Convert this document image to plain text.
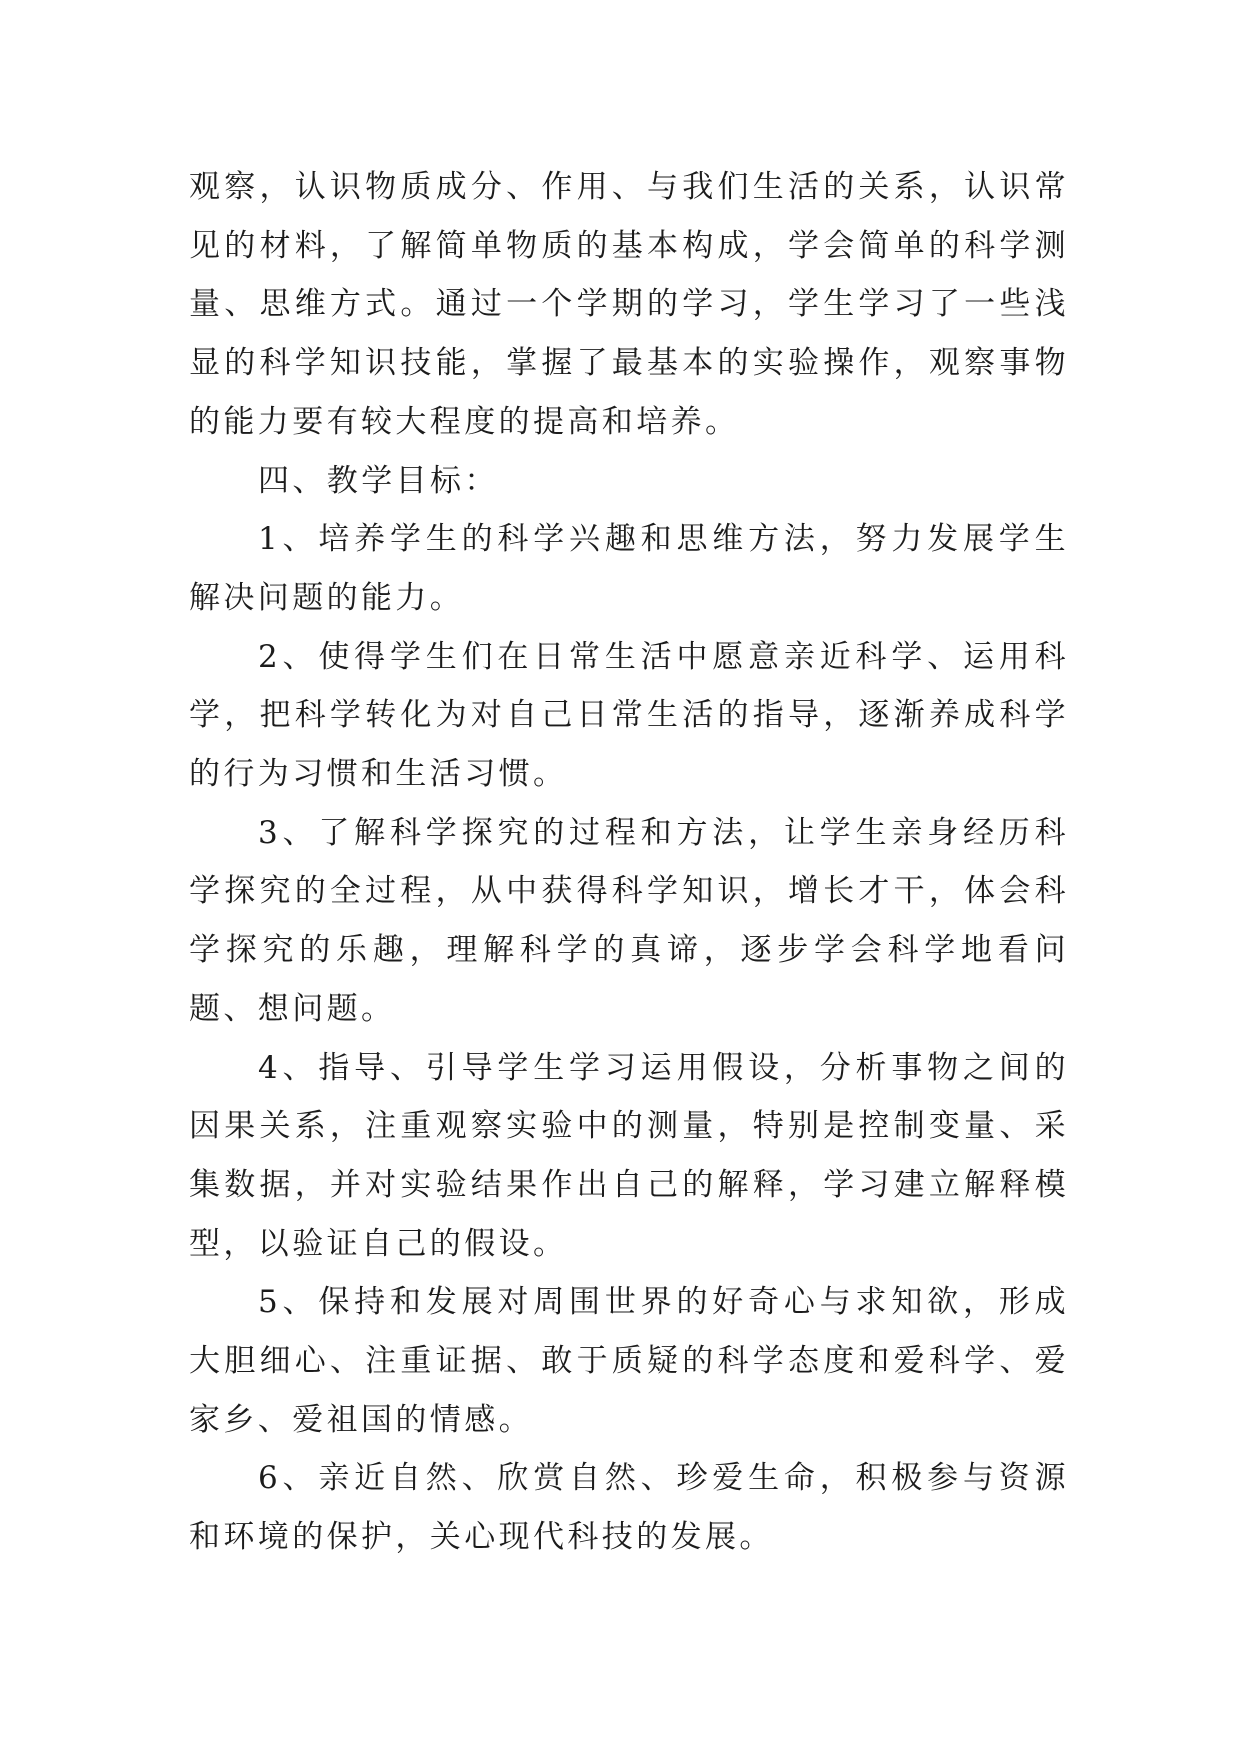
观察，认识物质成分、作用、与我们生活的关系，认识常见的材料，了解简单物质的基本构成，学会简单的科学测量、思维方式。通过一个学期的学习，学生学习了一些浅显的科学知识技能，掌握了最基本的实验操作，观察事物的能力要有较大程度的提高和培养。

四、教学目标：

1、培养学生的科学兴趣和思维方法，努力发展学生解决问题的能力。

2、使得学生们在日常生活中愿意亲近科学、运用科学，把科学转化为对自己日常生活的指导，逐渐养成科学的行为习惯和生活习惯。

3、了解科学探究的过程和方法，让学生亲身经历科学探究的全过程，从中获得科学知识，增长才干，体会科学探究的乐趣，理解科学的真谛，逐步学会科学地看问题、想问题。

4、指导、引导学生学习运用假设，分析事物之间的因果关系，注重观察实验中的测量，特别是控制变量、采集数据，并对实验结果作出自己的解释，学习建立解释模型，以验证自己的假设。

5、保持和发展对周围世界的好奇心与求知欲，形成大胆细心、注重证据、敢于质疑的科学态度和爱科学、爱家乡、爱祖国的情感。

6、亲近自然、欣赏自然、珍爱生命，积极参与资源和环境的保护，关心现代科技的发展。
